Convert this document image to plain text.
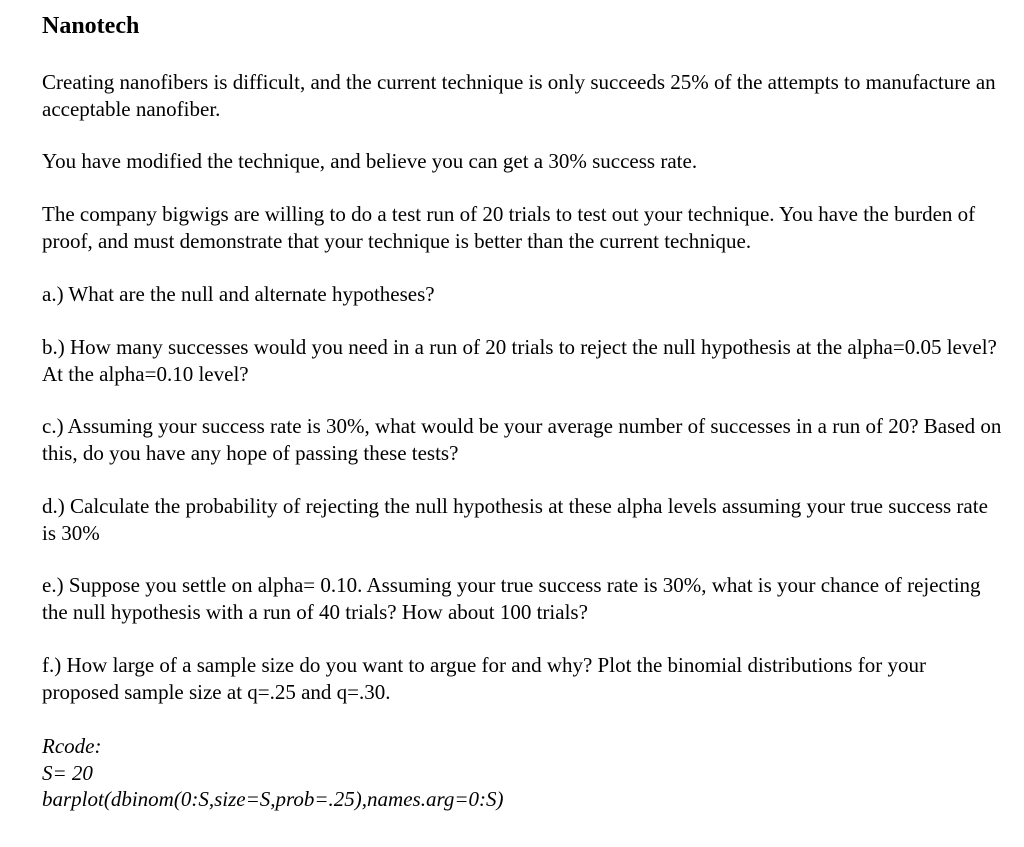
Nanotech

Creating nanofibers is difficult, and the current technique is only succeeds 25% of the attempts to manufacture an acceptable nanofiber.

You have modified the technique, and believe you can get a 30% success rate.

The company bigwigs are willing to do a test run of 20 trials to test out your technique. You have the burden of proof, and must demonstrate that your technique is better than the current technique.

a.) What are the null and alternate hypotheses?

b.) How many successes would you need in a run of 20 trials to reject the null hypothesis at the alpha=0.05 level? At the alpha=0.10 level?

c.) Assuming your success rate is 30%, what would be your average number of successes in a run of 20? Based on this, do you have any hope of passing these tests?

d.) Calculate the probability of rejecting the null hypothesis at these alpha levels assuming your true success rate is 30%

e.) Suppose you settle on alpha= 0.10. Assuming your true success rate is 30%, what is your chance of rejecting the null hypothesis with a run of 40 trials? How about 100 trials?

f.) How large of a sample size do you want to argue for and why? Plot the binomial distributions for your proposed sample size at q=.25 and q=.30.

Rcode:
S= 20
barplot(dbinom(0:S,size=S,prob=.25),names.arg=0:S)
